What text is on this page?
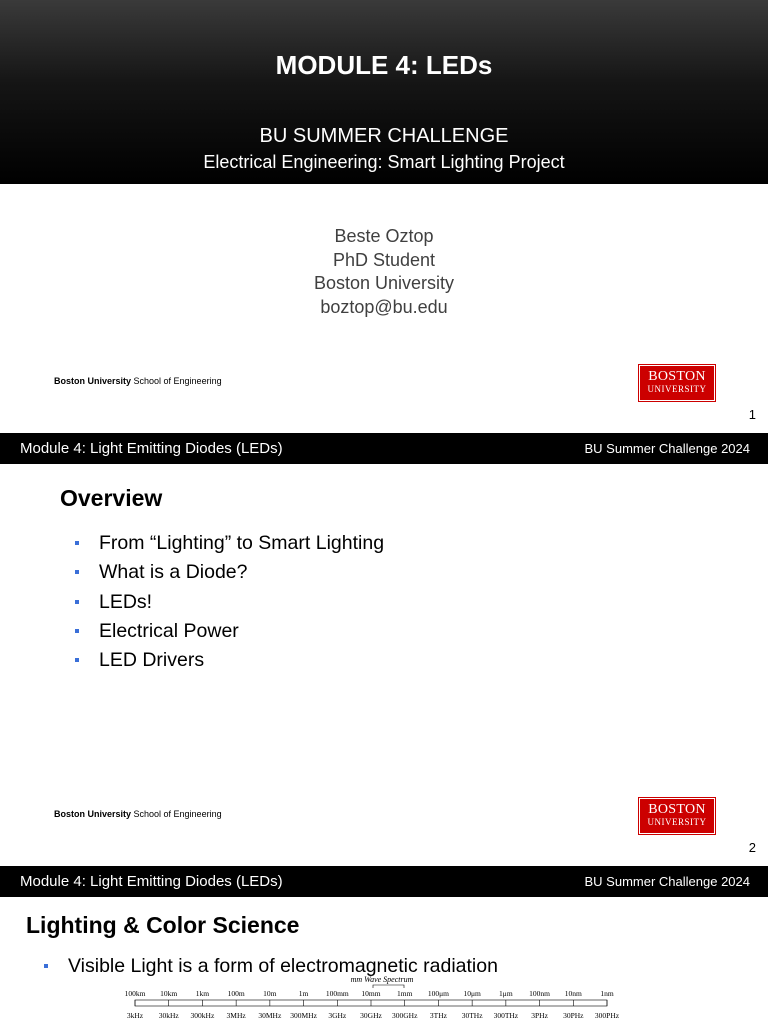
MODULE 4: LEDs
BU SUMMER CHALLENGE
Electrical Engineering: Smart Lighting Project
Beste Oztop
PhD Student
Boston University
boztop@bu.edu
Boston University School of Engineering	BOSTON
UNIVERSITY
1
Module 4: Light Emitting Diodes (LEDs)	BU Summer Challenge 2024
Overview
From “Lighting” to Smart Lighting
What is a Diode?
LEDs!
Electrical Power
LED Drivers
Boston University School of Engineering	BOSTON
UNIVERSITY
2
Module 4: Light Emitting Diodes (LEDs)	BU Summer Challenge 2024
Lighting & Color Science
Visible Light is a form of electromagnetic radiation
mm Wave Spectrum
100km 10km 1km 100m 10m	1m 100mm 10mm 1mm 100μm 10μm 1μm 100nm 10nm 1nm
3kHz 30kHz 300kHz 3MHz 30MHz 300MHz 3GHz 30GHz 300GHz 3THz 30THz 300THz 3PHz 30PHz 300PHz
